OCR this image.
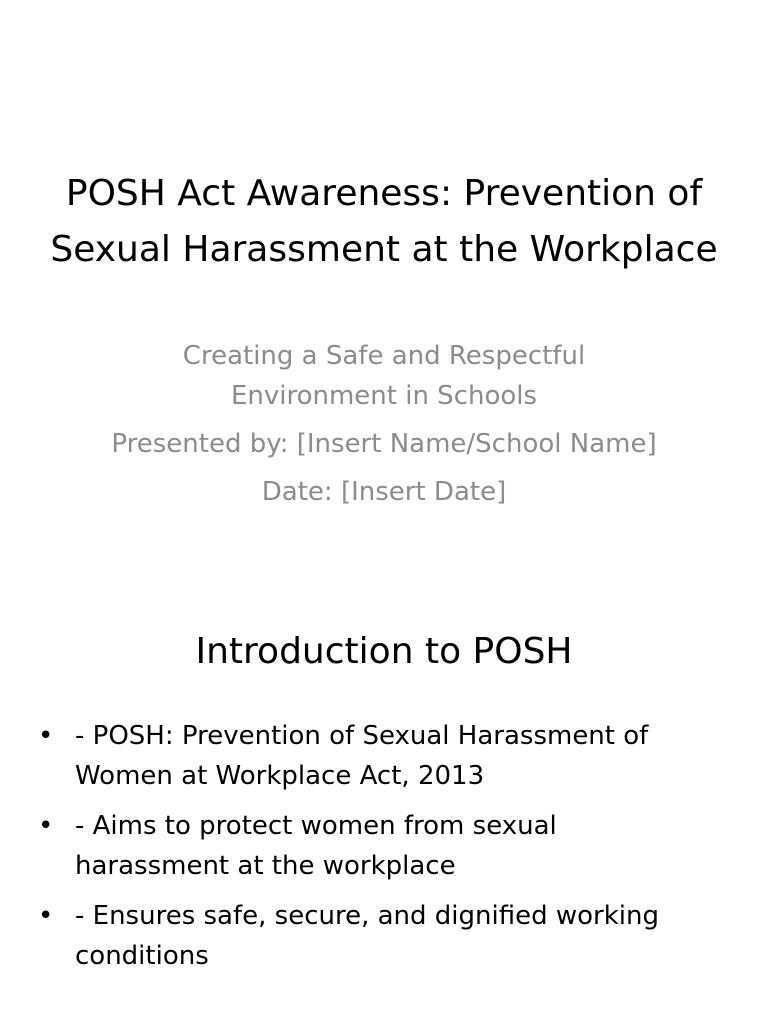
POSH Act Awareness: Prevention of Sexual Harassment at the Workplace

Creating a Safe and Respectful Environment in Schools

Presented by: [Insert Name/School Name]

Date: [Insert Date]

Introduction to POSH
• - POSH: Prevention of Sexual Harassment of Women at Workplace Act, 2013
• - Aims to protect women from sexual harassment at the workplace
• - Ensures safe, secure, and dignified working conditions
